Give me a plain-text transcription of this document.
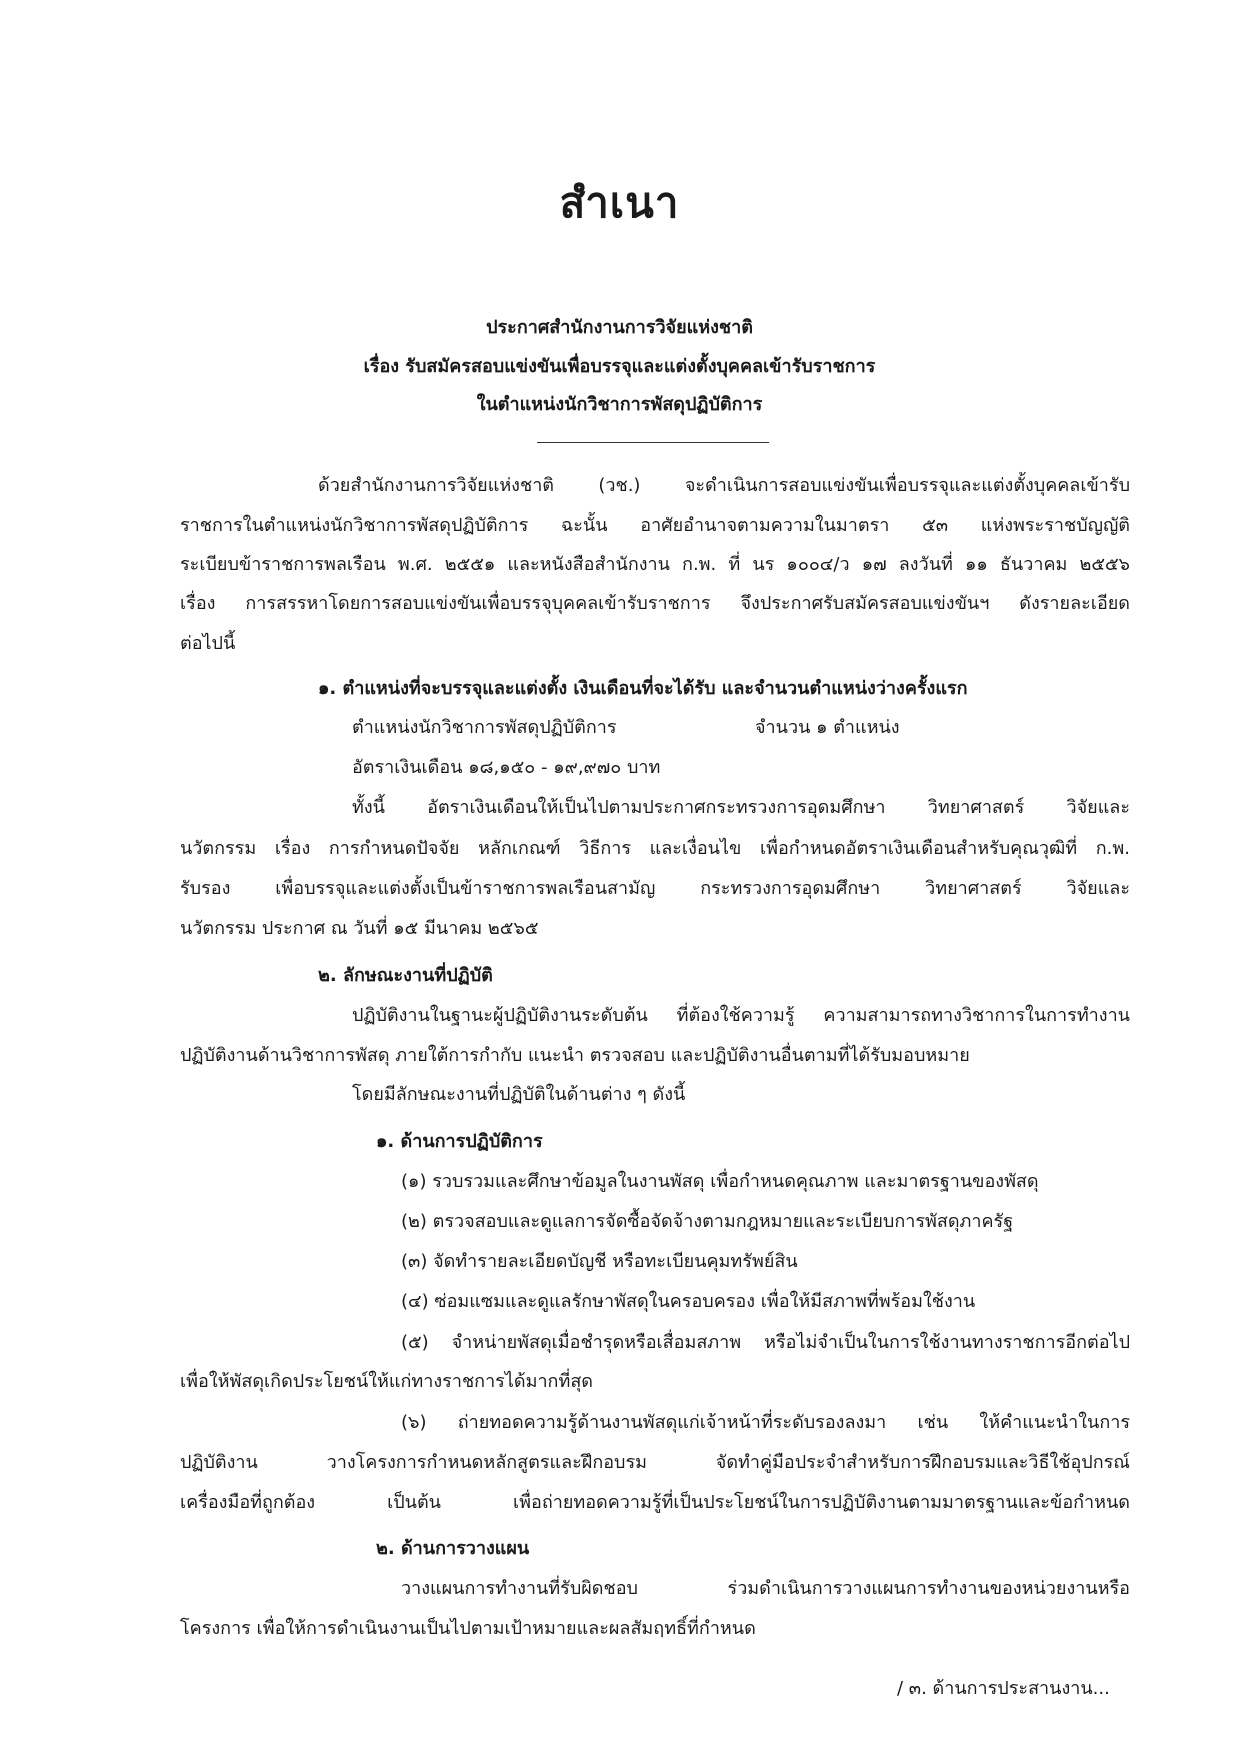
สำเนา
ประกาศสำนักงานการวิจัยแห่งชาติ
เรื่อง รับสมัครสอบแข่งขันเพื่อบรรจุและแต่งตั้งบุคคลเข้ารับราชการ
ในตำแหน่งนักวิชาการพัสดุปฏิบัติการ
ด้วยสำนักงานการวิจัยแห่งชาติ (วช.) จะดำเนินการสอบแข่งขันเพื่อบรรจุและแต่งตั้งบุคคลเข้ารับ
ราชการในตำแหน่งนักวิชาการพัสดุปฏิบัติการ ฉะนั้น อาศัยอำนาจตามความในมาตรา ๕๓ แห่งพระราชบัญญัติ
ระเบียบข้าราชการพลเรือน พ.ศ. ๒๕๕๑ และหนังสือสำนักงาน ก.พ. ที่ นร ๑๐๐๔/ว ๑๗ ลงวันที่ ๑๑ ธันวาคม ๒๕๕๖
เรื่อง การสรรหาโดยการสอบแข่งขันเพื่อบรรจุบุคคลเข้ารับราชการ จึงประกาศรับสมัครสอบแข่งขันฯ ดังรายละเอียด
ต่อไปนี้
๑. ตำแหน่งที่จะบรรจุและแต่งตั้ง เงินเดือนที่จะได้รับ และจำนวนตำแหน่งว่างครั้งแรก
ตำแหน่งนักวิชาการพัสดุปฏิบัติการ	จำนวน ๑ ตำแหน่ง
อัตราเงินเดือน ๑๘,๑๕๐ - ๑๙,๙๗๐ บาท
ทั้งนี้ อัตราเงินเดือนให้เป็นไปตามประกาศกระทรวงการอุดมศึกษา วิทยาศาสตร์ วิจัยและ
นวัตกรรม เรื่อง การกำหนดปัจจัย หลักเกณฑ์ วิธีการ และเงื่อนไข เพื่อกำหนดอัตราเงินเดือนสำหรับคุณวุฒิที่ ก.พ.
รับรอง เพื่อบรรจุและแต่งตั้งเป็นข้าราชการพลเรือนสามัญ กระทรวงการอุดมศึกษา วิทยาศาสตร์ วิจัยและ
นวัตกรรม ประกาศ ณ วันที่ ๑๕ มีนาคม ๒๕๖๕
๒. ลักษณะงานที่ปฏิบัติ
ปฏิบัติงานในฐานะผู้ปฏิบัติงานระดับต้น ที่ต้องใช้ความรู้ ความสามารถทางวิชาการในการทำงาน
ปฏิบัติงานด้านวิชาการพัสดุ ภายใต้การกำกับ แนะนำ ตรวจสอบ และปฏิบัติงานอื่นตามที่ได้รับมอบหมาย
โดยมีลักษณะงานที่ปฏิบัติในด้านต่าง ๆ ดังนี้
๑. ด้านการปฏิบัติการ
(๑) รวบรวมและศึกษาข้อมูลในงานพัสดุ เพื่อกำหนดคุณภาพ และมาตรฐานของพัสดุ
(๒) ตรวจสอบและดูแลการจัดซื้อจัดจ้างตามกฎหมายและระเบียบการพัสดุภาครัฐ
(๓) จัดทำรายละเอียดบัญชี หรือทะเบียนคุมทรัพย์สิน
(๔) ซ่อมแซมและดูแลรักษาพัสดุในครอบครอง เพื่อให้มีสภาพที่พร้อมใช้งาน
(๕) จำหน่ายพัสดุเมื่อชำรุดหรือเสื่อมสภาพ หรือไม่จำเป็นในการใช้งานทางราชการอีกต่อไป
เพื่อให้พัสดุเกิดประโยชน์ให้แก่ทางราชการได้มากที่สุด
(๖) ถ่ายทอดความรู้ด้านงานพัสดุแก่เจ้าหน้าที่ระดับรองลงมา เช่น ให้คำแนะนำในการ
ปฏิบัติงาน วางโครงการกำหนดหลักสูตรและฝึกอบรม จัดทำคู่มือประจำสำหรับการฝึกอบรมและวิธีใช้อุปกรณ์
เครื่องมือที่ถูกต้อง เป็นต้น เพื่อถ่ายทอดความรู้ที่เป็นประโยชน์ในการปฏิบัติงานตามมาตรฐานและข้อกำหนด
๒. ด้านการวางแผน
วางแผนการทำงานที่รับผิดชอบ ร่วมดำเนินการวางแผนการทำงานของหน่วยงานหรือ
โครงการ เพื่อให้การดำเนินงานเป็นไปตามเป้าหมายและผลสัมฤทธิ์ที่กำหนด
/ ๓. ด้านการประสานงาน...
